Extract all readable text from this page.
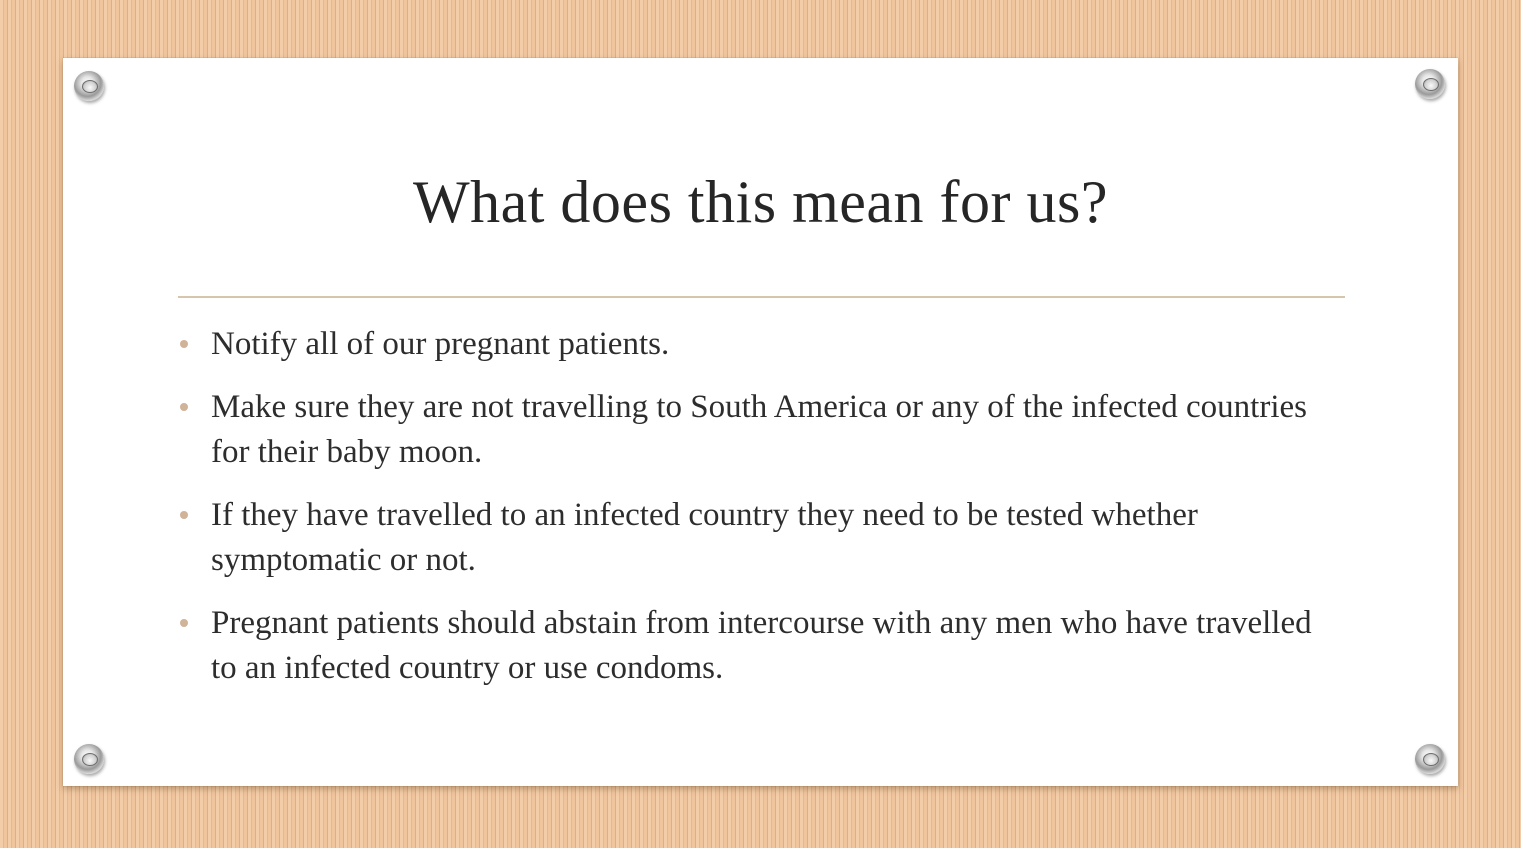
What does this mean for us?
Notify all of our pregnant patients.
Make sure they are not travelling to South America or any of the infected countries for their baby moon.
If they have travelled to an infected country they need to be tested whether symptomatic or not.
Pregnant patients should abstain from intercourse with any men who have travelled to an infected country or use condoms.
